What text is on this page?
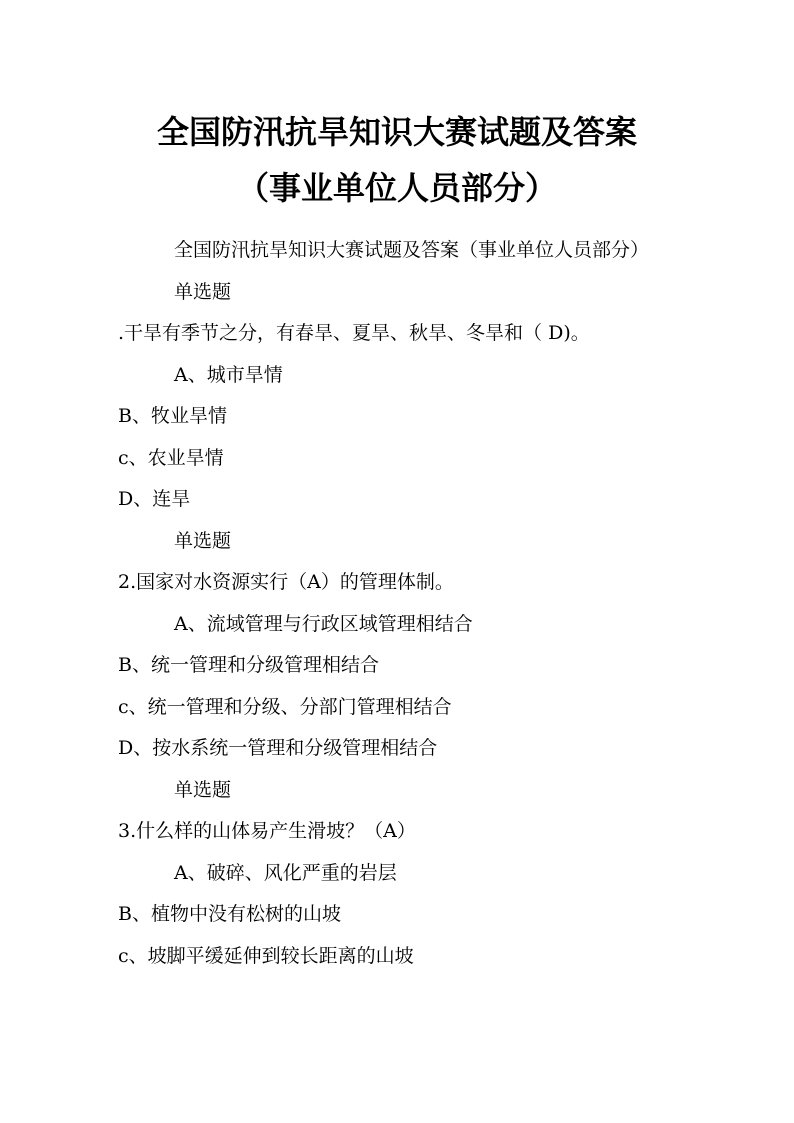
全国防汛抗旱知识大赛试题及答案
（事业单位人员部分）
全国防汛抗旱知识大赛试题及答案（事业单位人员部分）
单选题
.干旱有季节之分，有春旱、夏旱、秋旱、冬旱和（ D)。
A、城市旱情
B、牧业旱情
c、农业旱情
D、连旱
单选题
2.国家对水资源实行（A）的管理体制。
A、流域管理与行政区域管理相结合
B、统一管理和分级管理相结合
c、统一管理和分级、分部门管理相结合
D、按水系统一管理和分级管理相结合
单选题
3.什么样的山体易产生滑坡？（A）
A、破碎、风化严重的岩层
B、植物中没有松树的山坡
c、坡脚平缓延伸到较长距离的山坡
